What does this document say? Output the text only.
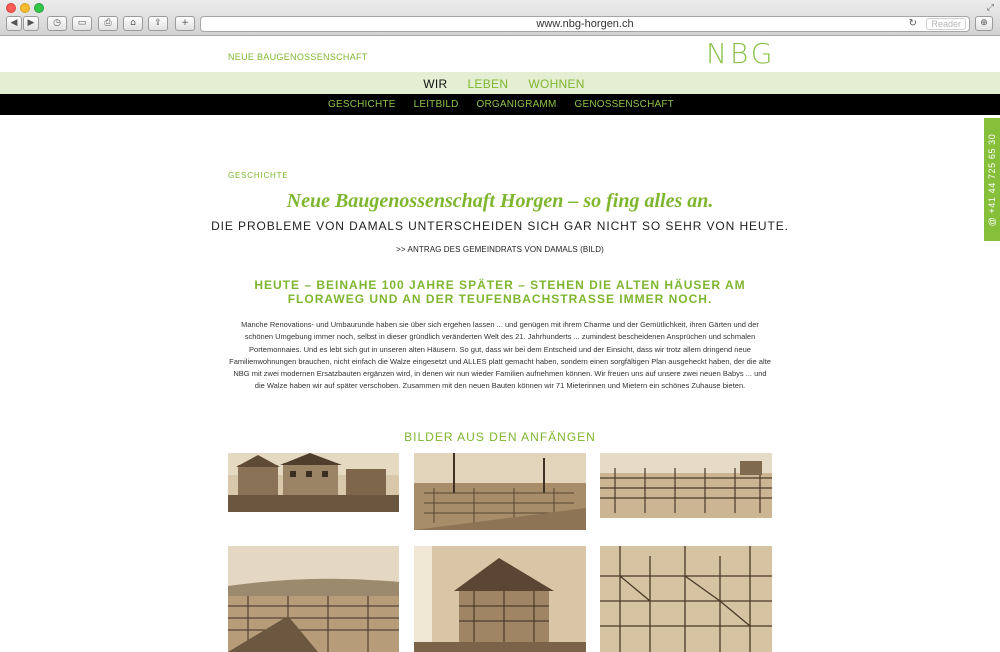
⤢
◀	▶	◷	▭	⎙	⌂	⇪	+	www.nbg-horgen.ch	↻	Reader	⊕
NEUE BAUGENOSSENSCHAFT	NBG
WIR LEBEN WOHNEN
GESCHICHTE LEITBILD ORGANIGRAMM GENOSSENSCHAFT
@ +41 44 725 65 30
GESCHICHTE
Neue Baugenossenschaft Horgen – so fing alles an.
DIE PROBLEME VON DAMALS UNTERSCHEIDEN SICH GAR NICHT SO SEHR VON HEUTE.
>> ANTRAG DES GEMEINDRATS VON DAMALS (BILD)
HEUTE – BEINAHE 100 JAHRE SPÄTER – STEHEN DIE ALTEN HÄUSER AM FLORAWEG UND AN DER TEUFENBACHSTRASSE IMMER NOCH.

Manche Renovations- und Umbaurunde haben sie über sich ergehen lassen ... und genügen mit ihrem Charme und der Gemütlichkeit, ihren Gärten und der schönen Umgebung immer noch, selbst in dieser gründlich veränderten Welt des 21. Jahrhunderts ... zumindest bescheidenen Ansprüchen und schmalen Portemonnaies. Und es lebt sich gut in unseren alten Häusern. So gut, dass wir bei dem Entscheid und der Einsicht, dass wir trotz allem dringend neue Familienwohnungen brauchen, nicht einfach die Walze eingesetzt und ALLES platt gemacht haben, sondern einen sorgfältigen Plan ausgeheckt haben, der die alte NBG mit zwei modernen Ersatzbauten ergänzen wird, in denen wir nun wieder Familien aufnehmen können. Wir freuen uns auf unsere zwei neuen Babys ... und die Walze haben wir auf später verschoben. Zusammen mit den neuen Bauten können wir 71 Mieterinnen und Mietern ein schönes Zuhause bieten.

BILDER AUS DEN ANFÄNGEN
